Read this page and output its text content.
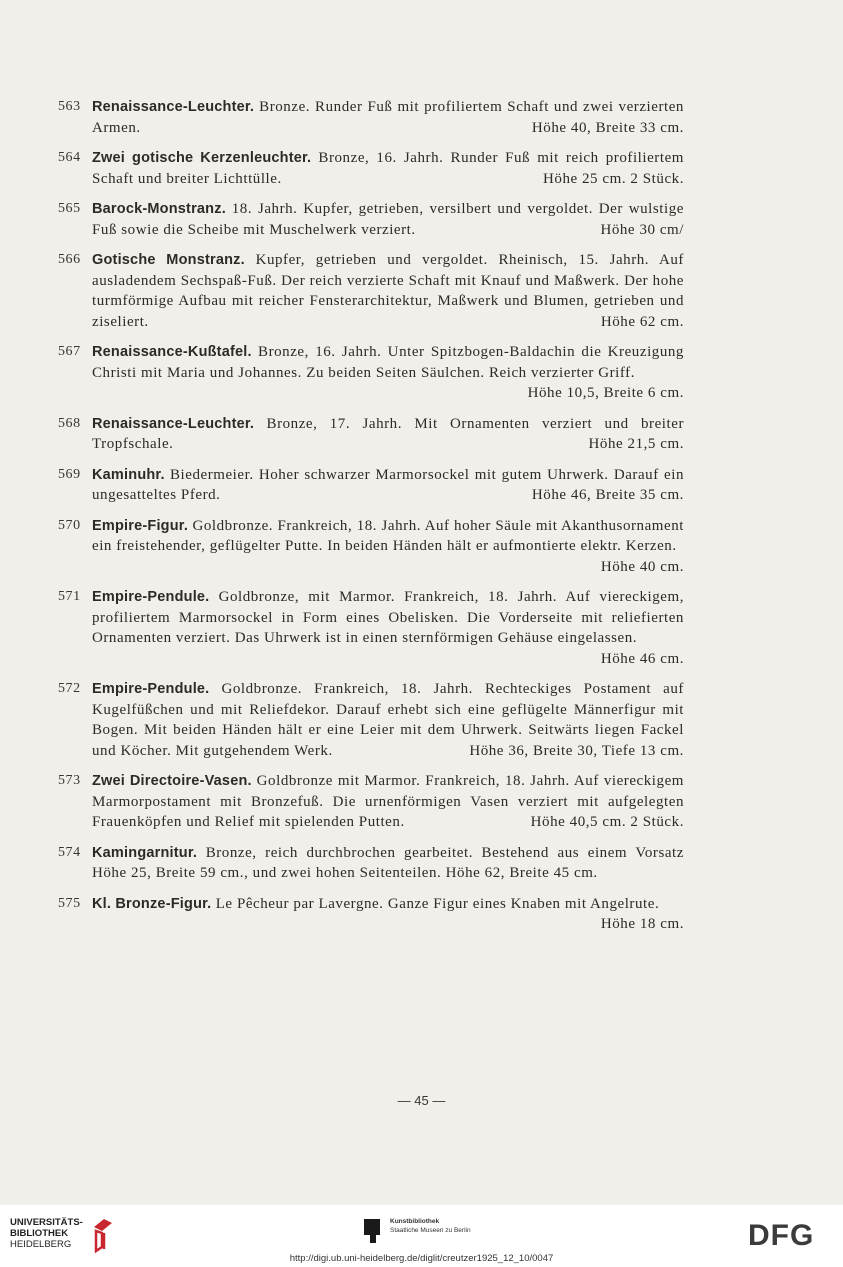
563 Renaissance-Leuchter. Bronze. Runder Fuß mit profiliertem Schaft und zwei verzierten Armen.	Höhe 40, Breite 33 cm.
564 Zwei gotische Kerzenleuchter. Bronze, 16. Jahrh. Runder Fuß mit reich profiliertem Schaft und breiter Lichttülle.	Höhe 25 cm. 2 Stück.
565 Barock-Monstranz. 18. Jahrh. Kupfer, getrieben, versilbert und vergoldet. Der wulstige Fuß sowie die Scheibe mit Muschelwerk verziert.	Höhe 30 cm/
566 Gotische Monstranz. Kupfer, getrieben und vergoldet. Rheinisch, 15. Jahrh. Auf ausladendem Sechspaß-Fuß. Der reich verzierte Schaft mit Knauf und Maßwerk. Der hohe turmförmige Aufbau mit reicher Fensterarchitektur, Maßwerk und Blumen, getrieben und ziseliert.	Höhe 62 cm.
567 Renaissance-Kußtafel. Bronze, 16. Jahrh. Unter Spitzbogen-Baldachin die Kreuzigung Christi mit Maria und Johannes. Zu beiden Seiten Säulchen. Reich verzierter Griff.
Höhe 10,5, Breite 6 cm.
568 Renaissance-Leuchter. Bronze, 17. Jahrh. Mit Ornamenten verziert und breiter Tropfschale.	Höhe 21,5 cm.
569 Kaminuhr. Biedermeier. Hoher schwarzer Marmorsockel mit gutem Uhrwerk. Darauf ein ungesatteltes Pferd.	Höhe 46, Breite 35 cm.
570 Empire-Figur. Goldbronze. Frankreich, 18. Jahrh. Auf hoher Säule mit Akanthusornament ein freistehender, geflügelter Putte. In beiden Händen hält er aufmontierte elektr. Kerzen.
Höhe 40 cm.
571 Empire-Pendule. Goldbronze, mit Marmor. Frankreich, 18. Jahrh. Auf viereckigem, profiliertem Marmorsockel in Form eines Obelisken. Die Vorderseite mit reliefierten Ornamenten verziert. Das Uhrwerk ist in einen sternförmigen Gehäuse eingelassen.
Höhe 46 cm.
572 Empire-Pendule. Goldbronze. Frankreich, 18. Jahrh. Rechteckiges Postament auf Kugelfüßchen und mit Reliefdekor. Darauf erhebt sich eine geflügelte Männerfigur mit Bogen. Mit beiden Händen hält er eine Leier mit dem Uhrwerk. Seitwärts liegen Fackel und Köcher. Mit gutgehendem Werk.	Höhe 36, Breite 30, Tiefe 13 cm.
573 Zwei Directoire-Vasen. Goldbronze mit Marmor. Frankreich, 18. Jahrh. Auf viereckigem Marmorpostament mit Bronzefuß. Die urnenförmigen Vasen verziert mit aufgelegten Frauenköpfen und Relief mit spielenden Putten.	Höhe 40,5 cm. 2 Stück.
574 Kamingarnitur. Bronze, reich durchbrochen gearbeitet. Bestehend aus einem Vorsatz Höhe 25, Breite 59 cm., und zwei hohen Seitenteilen. Höhe 62, Breite 45 cm.
575 Kl. Bronze-Figur. Le Pêcheur par Lavergne. Ganze Figur eines Knaben mit Angelrute.
Höhe 18 cm.
— 45 —
UNIVERSITÄTS-
BIBLIOTHEK
HEIDELBERG
Kunstbibliothek
Staatliche Museen zu Berlin	DFG
http://digi.ub.uni-heidelberg.de/diglit/creutzer1925_12_10/0047
